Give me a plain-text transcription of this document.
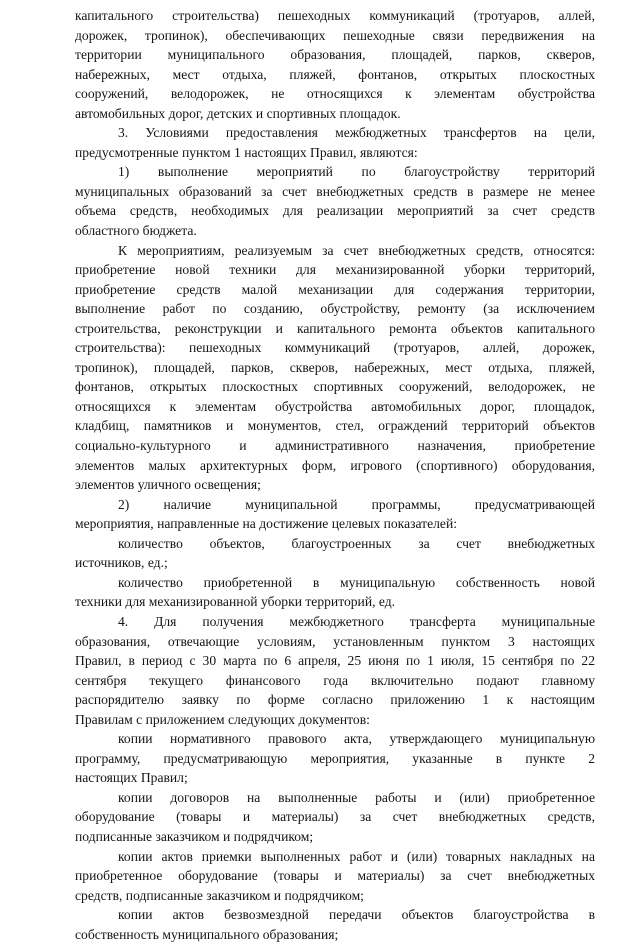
капитального строительства) пешеходных коммуникаций (тротуаров, аллей,
дорожек, тропинок), обеспечивающих пешеходные связи передвижения на
территории муниципального образования, площадей, парков, скверов,
набережных, мест отдыха, пляжей, фонтанов, открытых плоскостных
сооружений, велодорожек, не относящихся к элементам обустройства
автомобильных дорог, детских и спортивных площадок.
3. Условиями предоставления межбюджетных трансфертов на цели,
предусмотренные пунктом 1 настоящих Правил, являются:
1) выполнение мероприятий по благоустройству территорий
муниципальных образований за счет внебюджетных средств в размере не менее
объема средств, необходимых для реализации мероприятий за счет средств
областного бюджета.
К мероприятиям, реализуемым за счет внебюджетных средств, относятся:
приобретение новой техники для механизированной уборки территорий,
приобретение средств малой механизации для содержания территории,
выполнение работ по созданию, обустройству, ремонту (за исключением
строительства, реконструкции и капитального ремонта объектов капитального
строительства): пешеходных коммуникаций (тротуаров, аллей, дорожек,
тропинок), площадей, парков, скверов, набережных, мест отдыха, пляжей,
фонтанов, открытых плоскостных спортивных сооружений, велодорожек, не
относящихся к элементам обустройства автомобильных дорог, площадок,
кладбищ, памятников и монументов, стел, ограждений территорий объектов
социально-культурного и административного назначения, приобретение
элементов малых архитектурных форм, игрового (спортивного) оборудования,
элементов уличного освещения;
2) наличие муниципальной программы, предусматривающей
мероприятия, направленные на достижение целевых показателей:
количество объектов, благоустроенных за счет внебюджетных
источников, ед.;
количество приобретенной в муниципальную собственность новой
техники для механизированной уборки территорий, ед.
4. Для получения межбюджетного трансферта муниципальные
образования, отвечающие условиям, установленным пунктом 3 настоящих
Правил, в период с 30 марта по 6 апреля, 25 июня по 1 июля, 15 сентября по 22
сентября текущего финансового года включительно подают главному
распорядителю заявку по форме согласно приложению 1 к настоящим
Правилам с приложением следующих документов:
копии нормативного правового акта, утверждающего муниципальную
программу, предусматривающую мероприятия, указанные в пункте 2
настоящих Правил;
копии договоров на выполненные работы и (или) приобретенное
оборудование (товары и материалы) за счет внебюджетных средств,
подписанные заказчиком и подрядчиком;
копии актов приемки выполненных работ и (или) товарных накладных на
приобретенное оборудование (товары и материалы) за счет внебюджетных
средств, подписанные заказчиком и подрядчиком;
копии актов безвозмездной передачи объектов благоустройства в
собственность муниципального образования;
